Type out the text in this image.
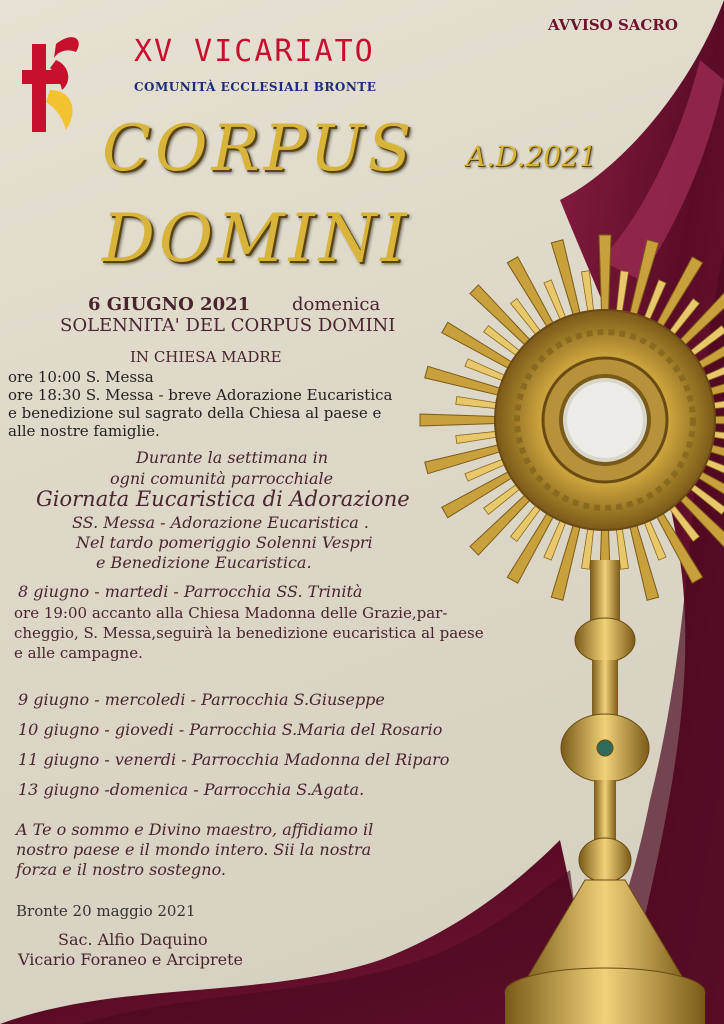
AVVISO SACRO
XV VICARIATO
COMUNITÀ ECCLESIALI BRONTE
CORPUS A.D.2021
DOMINI
6 GIUGNO 2021 domenica
SOLENNITA' DEL CORPUS DOMINI
IN CHIESA MADRE
ore 10:00 S. Messa
ore 18:30 S. Messa - breve Adorazione Eucaristica
e benedizione sul sagrato della Chiesa al paese e
alle nostre famiglie.
Durante la settimana in
ogni comunità parrocchiale
Giornata Eucaristica di Adorazione
SS. Messa - Adorazione Eucaristica .
Nel tardo pomeriggio Solenni Vespri
e Benedizione Eucaristica.
8 giugno - martedi - Parrocchia SS. Trinità
ore 19:00 accanto alla Chiesa Madonna delle Grazie,par-
cheggio, S. Messa,seguirà la benedizione eucaristica al paese
e alle campagne.
9 giugno - mercoledi - Parrocchia S.Giuseppe
10 giugno - giovedi - Parrocchia S.Maria del Rosario
11 giugno - venerdi - Parrocchia Madonna del Riparo
13 giugno -domenica - Parrocchia S.Agata.
A Te o sommo e Divino maestro, affidiamo il
nostro paese e il mondo intero. Sii la nostra
forza e il nostro sostegno.
Bronte 20 maggio 2021
Sac. Alfio Daquino
Vicario Foraneo e Arciprete
